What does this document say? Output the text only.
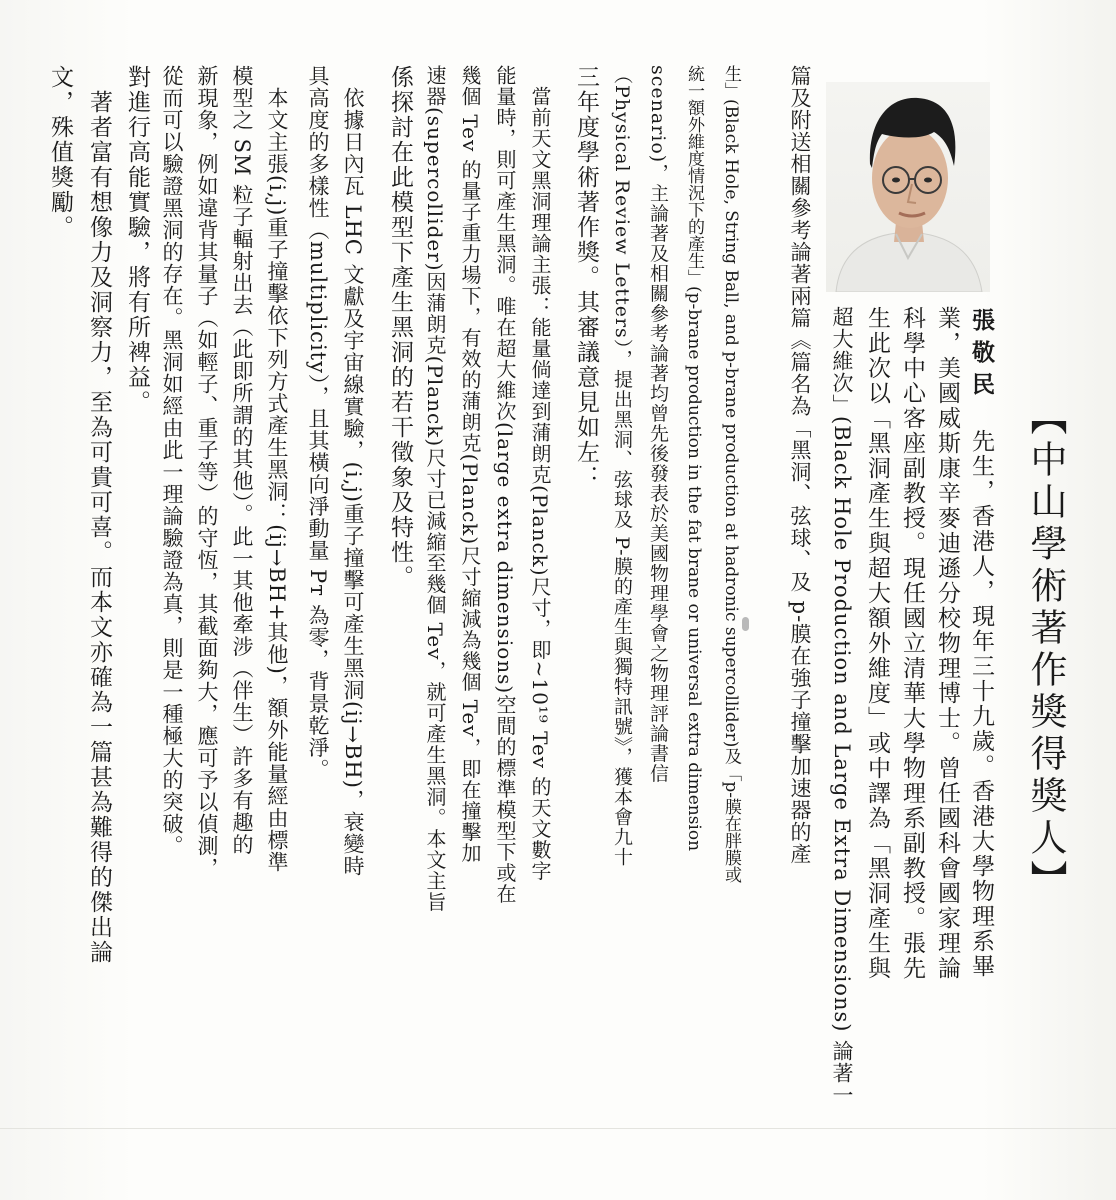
【中山學術著作獎得獎人】
張敬民　先生，香港人，現年三十九歲。香港大學物理系畢
業，美國威斯康辛麥迪遜分校物理博士。曾任國科會國家理論
科學中心客座副教授。現任國立清華大學物理系副教授。張先
生此次以「黑洞產生與超大額外維度」或中譯為「黑洞產生與
超大維次」(Black Hole Production and Large Extra Dimensions) 論著一
篇及附送相關參考論著兩篇《篇名為「黑洞、弦球、及 p-膜在強子撞擊加速器的產
生」(Black Hole, String Ball, and p-brane production at hadronic supercollider)及「p-膜在胖膜或
統一額外維度情況下的產生」(p-brane production in the fat brane or universal extra dimension
scenario)，主論著及相關參考論著均曾先後發表於美國物理學會之物理評論書信
（Physical Review Letters），提出黑洞、弦球及 P-膜的產生與獨特訊號》，獲本會九十
三年度學術著作獎。其審議意見如左：
　當前天文黑洞理論主張：能量倘達到蒲朗克(Planck)尺寸，即~10¹⁹ Tev 的天文數字
能量時，則可產生黑洞。唯在超大維次(large extra dimensions)空間的標準模型下或在
幾個 Tev 的量子重力場下，有效的蒲朗克(Planck)尺寸縮減為幾個 Tev，即在撞擊加
速器(supercollider)因蒲朗克(Planck)尺寸已減縮至幾個 Tev，就可產生黑洞。本文主旨
係探討在此模型下產生黑洞的若干徵象及特性。
　依據日內瓦 LHC 文獻及宇宙線實驗，(i,j)重子撞擊可產生黑洞(ij→BH)，衰變時
具高度的多樣性（multiplicity），且其橫向淨動量 Pᴛ 為零，背景乾淨。
　本文主張(i,j)重子撞擊依下列方式產生黑洞：(ij→BH+其他)，額外能量經由標準
模型之 SM 粒子輻射出去（此即所謂的其他）。此一其他牽涉（伴生）許多有趣的
新現象，例如違背其量子（如輕子、重子等）的守恆，其截面夠大，應可予以偵測，
從而可以驗證黑洞的存在。黑洞如經由此一理論驗證為真，則是一種極大的突破。
對進行高能實驗，將有所裨益。
　著者富有想像力及洞察力，至為可貴可喜。而本文亦確為一篇甚為難得的傑出論
文，殊值獎勵。
